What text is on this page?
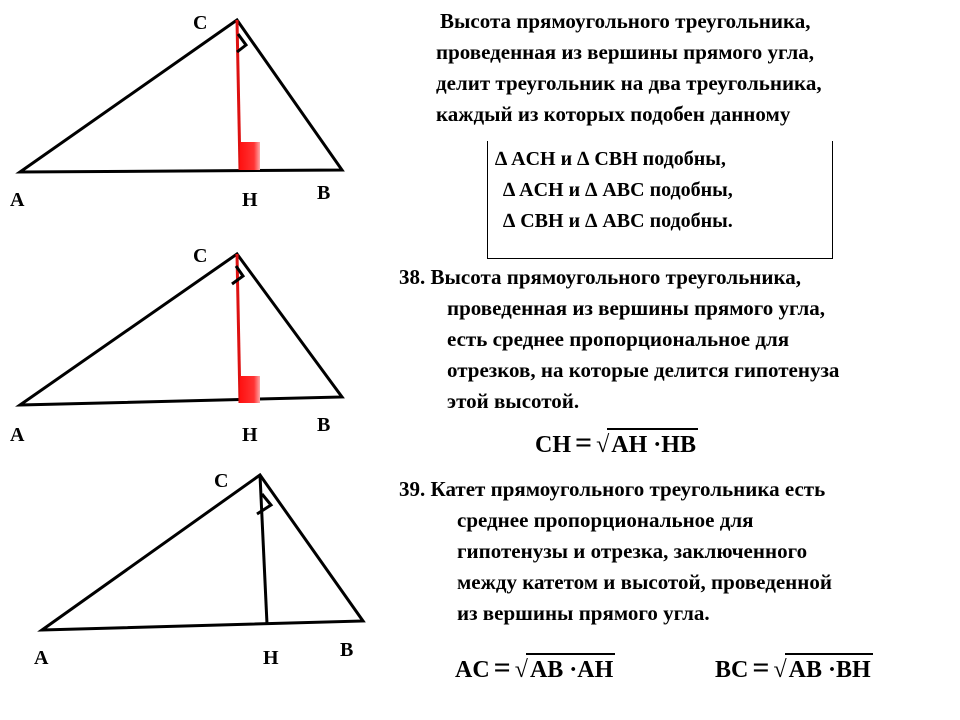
C
A	H	B
C
A	H	B
C
A	H	B
Высота прямоугольного треугольника,
проведенная из вершины прямого угла,
делит треугольник на два треугольника,
каждый из которых подобен данному
∆ ACH и ∆ CBH подобны,
∆ ACH и ∆ ABC подобны,
∆ CBH и ∆ ABC подобны.
38. Высота прямоугольного треугольника,
проведенная из вершины прямого угла,
есть среднее пропорциональное для
отрезков, на которые делится гипотенуза
этой высотой.
CH = √AH ·HB
39. Катет прямоугольного треугольника есть
среднее пропорциональное для
гипотенузы и отрезка, заключенного
между катетом и высотой, проведенной
из вершины прямого угла.
AC = √AB ·AH	BC = √AB ·BH
